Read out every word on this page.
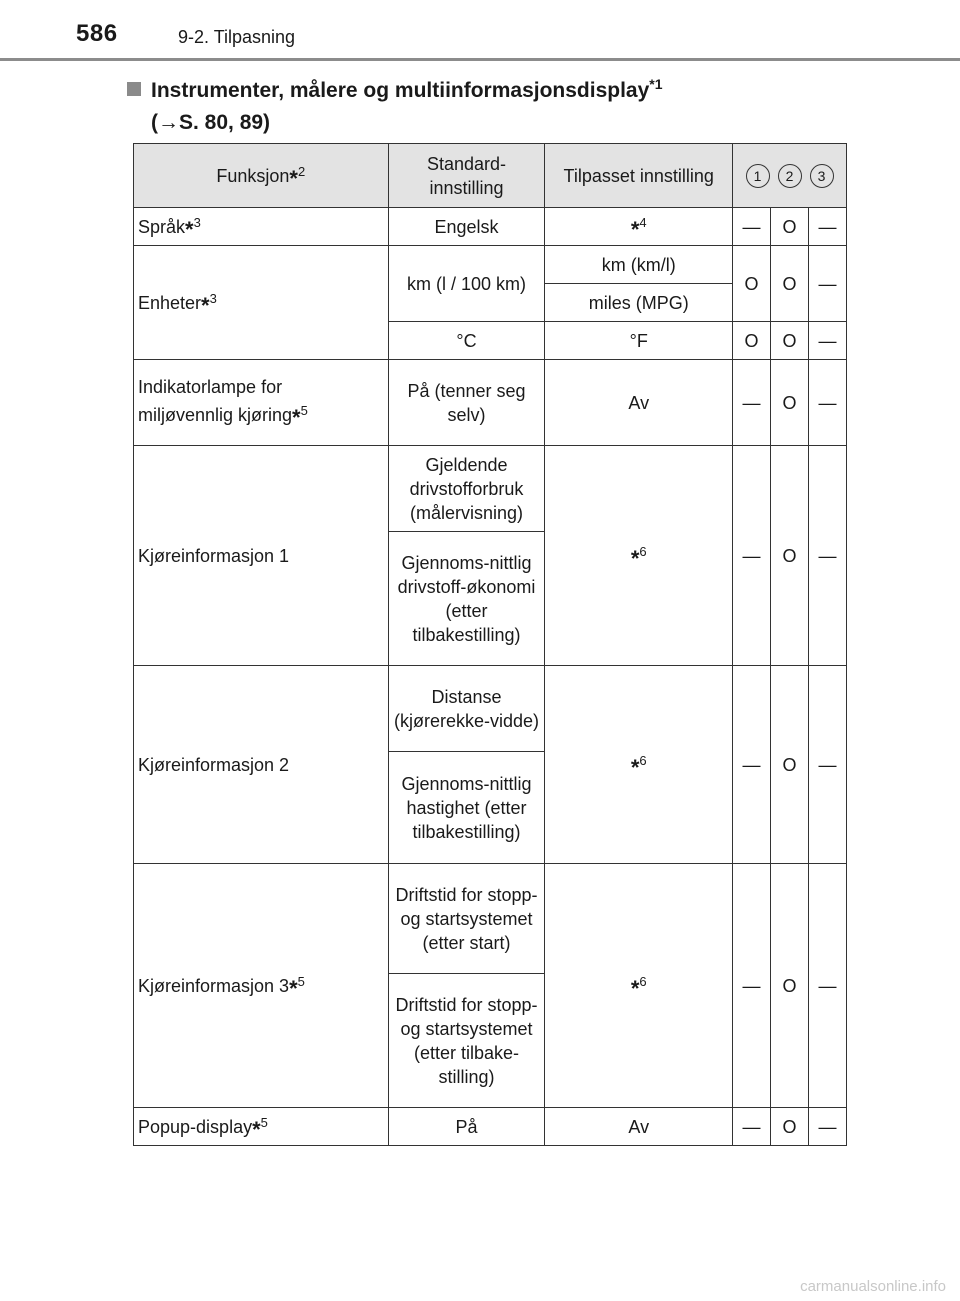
586	9-2. Tilpasning
Instrumenter, målere og multiinformasjonsdisplay$^{*1}$
(→S. 80, 89)
Funksjon*$^2$	Standard-innstilling	Tilpasset innstilling	1 2 3		
Språk*$^3$	Engelsk	*$^4$	—	O	—
Enheter*$^3$	km (l / 100 km)	km (km/l)	O	O	—
		miles (MPG)			
	°C	°F	O	O	—
Indikatorlampe for
miljøvennlig kjøring*$^5$	På (tenner seg selv)	Av	—	O	—
Kjøreinformasjon 1	Gjeldende drivstofforbruk (målervisning)	*$^6$	—	O	—
	Gjennoms-nittlig drivstoff-økonomi (etter tilbakestilling)				
Kjøreinformasjon 2	Distanse (kjørerekke-vidde)	*$^6$	—	O	—
	Gjennoms-nittlig hastighet (etter tilbakestilling)				
Kjøreinformasjon 3*$^5$	Driftstid for stopp- og startsystemet (etter start)	*$^6$	—	O	—
	Driftstid for stopp- og startsystemet (etter tilbake-stilling)				
Popup-display*$^5$	På	Av	—	O	—
carmanualsonline.info
